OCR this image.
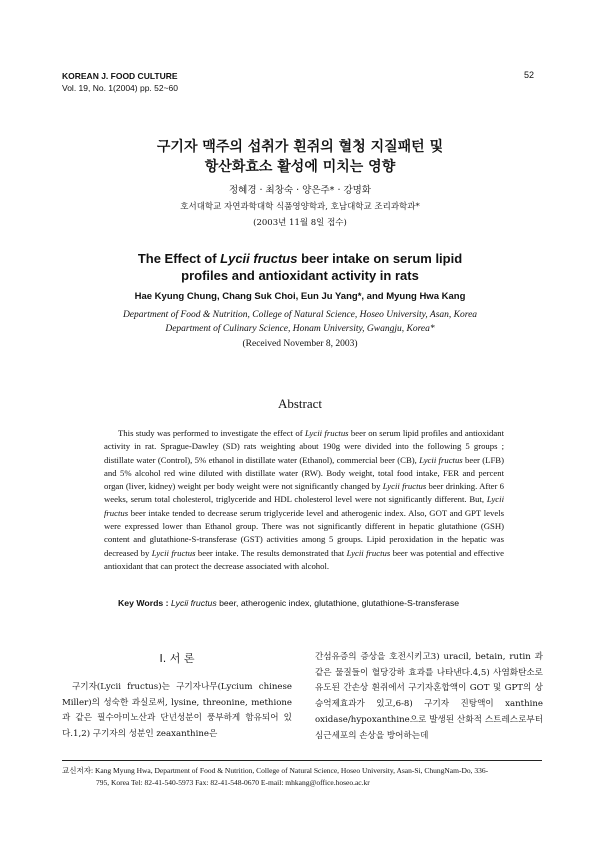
KOREAN J. FOOD CULTURE
Vol. 19, No. 1(2004) pp. 52~60
52
구기자 맥주의 섭취가 흰쥐의 혈청 지질패턴 및
항산화효소 활성에 미치는 영향
정혜경 · 최창숙 · 양은주* · 강명화
호서대학교 자연과학대학 식품영양학과, 호남대학교 조리과학과*
(2003년 11월 8일 접수)
The Effect of Lycii fructus beer intake on serum lipid
profiles and antioxidant activity in rats
Hae Kyung Chung, Chang Suk Choi, Eun Ju Yang*, and Myung Hwa Kang
Department of Food & Nutrition, College of Natural Science, Hoseo University, Asan, Korea
Department of Culinary Science, Honam University, Gwangju, Korea*
(Received November 8, 2003)
Abstract
This study was performed to investigate the effect of Lycii fructus beer on serum lipid profiles and antioxidant activity in rat. Sprague-Dawley (SD) rats weighting about 190g were divided into the following 5 groups ; distillate water (Control), 5% ethanol in distillate water (Ethanol), commercial beer (CB), Lycii fructus beer (LFB) and 5% alcohol red wine diluted with distillate water (RW). Body weight, total food intake, FER and percent organ (liver, kidney) weight per body weight were not significantly changed by Lycii fructus beer drinking. After 6 weeks, serum total cholesterol, triglyceride and HDL cholesterol level were not significantly different. But, Lycii fructus beer intake tended to decrease serum triglyceride level and atherogenic index. Also, GOT and GPT levels were expressed lower than Ethanol group. There was not significantly different in hepatic glutathione (GSH) content and glutathione-S-transferase (GST) activities among 5 groups. Lipid peroxidation in the hepatic was decreased by Lycii fructus beer intake. The results demonstrated that Lycii fructus beer was potential and effective antioxidant that can protect the decrease associated with alcohol.
Key Words : Lycii fructus beer, atherogenic index, glutathione, glutathione-S-transferase
I. 서 론
구기자(Lycii fructus)는 구기자나무(Lycium chinese Miller)의 성숙한 과실로써, lysine, threonine, methione과 같은 필수아미노산과 단넌성분이 풍부하게 함유되어 있다.1,2) 구기자의 성분인 zeaxanthine은
간섬유증의 증상을 호전시키고3) uracil, betain, rutin 과 같은 물질들이 혈당강하 효과를 나타낸다.4,5) 사염화탄소로 유도된 간손상 흰쥐에서 구기자혼합액이 GOT 및 GPT의 상승억제효과가 있고,6-8) 구기자 진탕액이 xanthine oxidase/hypoxanthine으로 발생된 산화적 스트레스로부터 심근세포의 손상을 방어하는데
교신저자: Kang Myung Hwa, Department of Food & Nutrition, College of Natural Science, Hoseo University, Asan-Si, ChungNam-Do, 336-
795, Korea Tel: 82-41-540-5973 Fax: 82-41-548-0670 E-mail: mhkang@office.hoseo.ac.kr
